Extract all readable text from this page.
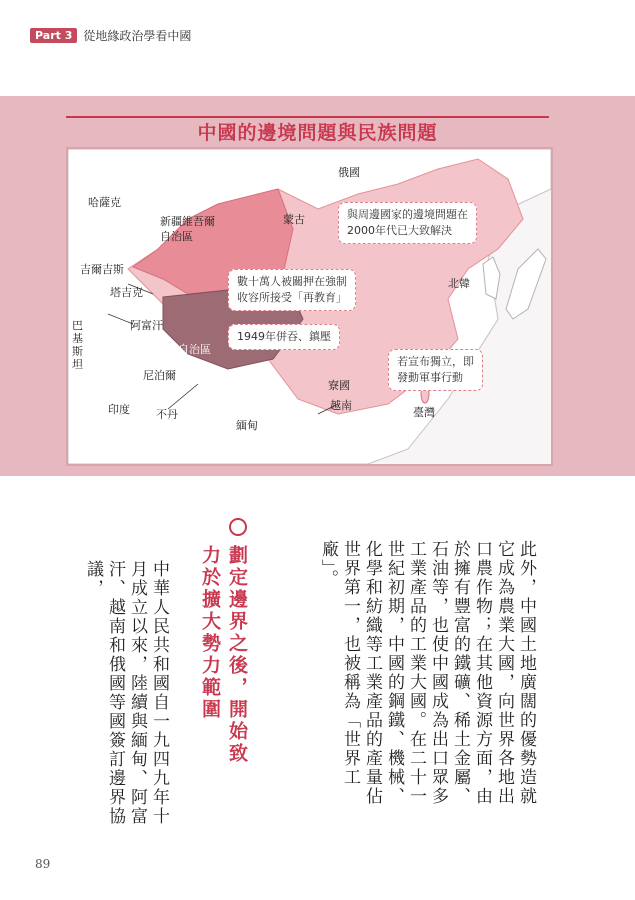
Part 3 從地緣政治學看中國
中國的邊境問題與民族問題
俄國
哈薩克
蒙古
吉爾吉斯
新疆維吾爾
自治區
塔吉克
阿富汗
巴基斯坦
西藏自治區
尼泊爾
印度 不丹
緬甸
寮國
越南
臺灣
北韓
與周邊國家的邊境問題在
2000年代已大致解決
數十萬人被關押在強制
收容所接受「再教育」
1949年併吞、鎮壓
若宣布獨立，即
發動軍事行動
此外，中國土地廣闊的優勢造就它成為農業大國，向世界各地出口農作物；在其他資源方面，由於擁有豐富的鐵礦、稀土金屬、石油等，也使中國成為出口眾多工業產品的工業大國。在二十一世紀初期，中國的鋼鐵、機械、化學和紡織等工業產品的產量佔世界第一，也被稱為「世界工廠」。
劃定邊界之後，開始致力於擴大勢力範圍
中華人民共和國自一九四九年十月成立以來，陸續與緬甸、阿富汗、越南和俄國等國簽訂邊界協議，
89
